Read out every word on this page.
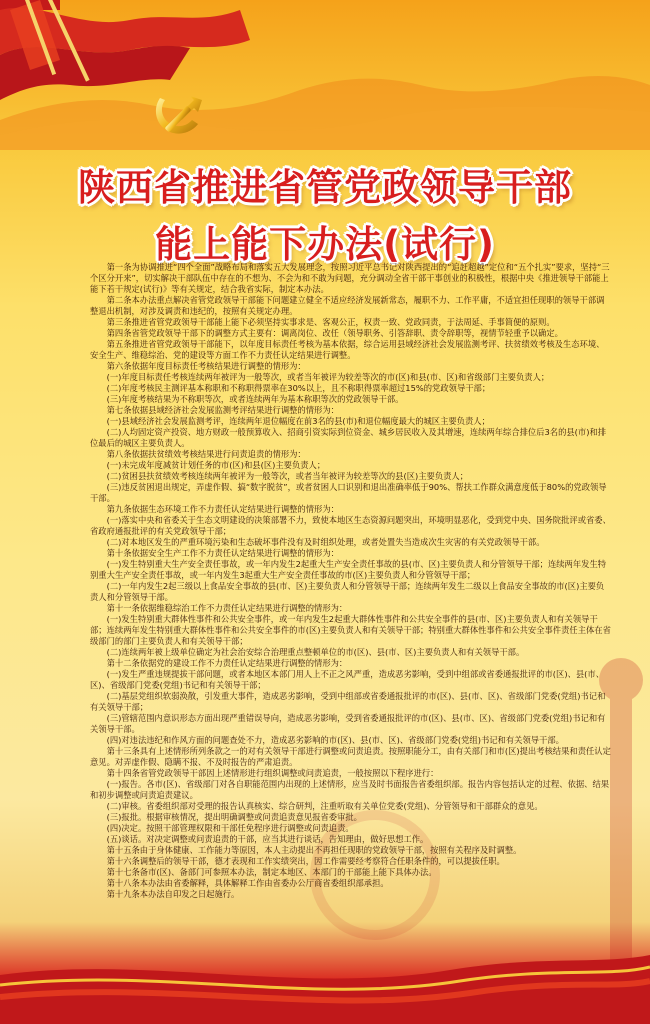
陕西省推进省管党政领导干部
能上能下办法(试行)

第一条为协调推进“四个全面”战略布局和落实五大发展理念，按照习近平总书记对陕西提出的“追赶超越”定位和“五个扎实”要求，坚持“三个区分开来”，切实解决干部队伍中存在的不想为、不会为和不敢为问题，充分调动全省干部干事创业的积极性，根据中央《推进领导干部能上能下若干规定(试行)》等有关规定，结合我省实际，制定本办法。

第二条本办法重点解决省管党政领导干部能下问题建立健全不适应经济发展新常态，履职不力、工作平庸，不适宜担任现职的领导干部调整退出机制，对涉及调责和违纪的，按照有关规定办理。

第三条推进省管党政领导干部能上能下必须坚持实事求是、客观公正，权责一致、党政同责，于法周延、手事简便的原则。

第四条省管党政领导干部下的调整方式主要有：调离岗位、改任（领导职务、引答辞职、责令辞职等，视情节轻重予以确定。

第五条推进省管党政领导干部能下，以年度目标责任考核为基本依据，综合运用县域经济社会发展监测考评、扶贫绩效考核及生态环境、安全生产、维稳综治、党的建设等方面工作不力责任认定结果进行调整。

第六条依据年度目标责任考核结果进行调整的情形为：

(一)年度目标责任考核连续两年被评为一般等次，或者当年被评为较差等次的市(区)和县(市、区)和省级部门主要负责人；

(二)年度考核民主测评基本称职和不称职得票率在30%以上，且不称职得票率超过15%的党政领导干部；

(三)年度考核结果为不称职等次，或者连续两年为基本称职等次的党政领导干部。

第七条依据县域经济社会发展监测考评结果进行调整的情形为：

(一)县域经济社会发展监测考评，连续两年退位幅度在前3名的县(市)和退位幅度最大的城区主要负责人；

(二)人均固定资产投资、地方财政一般预算收入、招商引资实际到位资金、城乡居民收入及其增速，连续两年综合排位后3名的县(市)和排位最后的城区主要负责人。

第八条依据扶贫绩效考核结果进行问责追责的情形为：

(一)未完成年度减贫计划任务的市(区)和县(区)主要负责人；

(二)贫困县扶贫绩效考核连续两年被评为一般等次，或者当年被评为较差等次的县(区)主要负责人；

(三)违反贫困退出规定，弄虚作假、搞“数字脱贫”，或者贫困人口识别和退出准确率低于90%、帮扶工作群众满意度低于80%的党政领导干部。

第九条依据生态环境工作不力责任认定结果进行调整的情形为：

(一)落实中央和省委关于生态文明建设的决策部署不力，致使本地区生态资源问题突出，环境明显恶化，受到党中央、国务院批评或省委、省政府通报批评的有关党政领导干部；

(二)对本地区发生的严重环境污染和生态破坏事件没有及时组织处理，或者处置失当造成次生灾害的有关党政领导干部。

第十条依据安全生产工作不力责任认定结果进行调整的情形为：

(一)发生特别重大生产安全责任事故，或一年内发生2起重大生产安全责任事故的县(市、区)主要负责人和分管领导干部；连续两年发生特别重大生产安全责任事故，或一年内发生3起重大生产安全责任事故的市(区)主要负责人和分管领导干部；

(二)一年内发生2起三级以上食品安全事故的县(市、区)主要负责人和分管领导干部；连续两年发生二级以上食品安全事故的市(区)主要负责人和分管领导干部。

第十一条依据维稳综治工作不力责任认定结果进行调整的情形为：

(一)发生特别重大群体性事件和公共安全事件，或一年内发生2起重大群体性事件和公共安全事件的县(市、区)主要负责人和有关领导干部；连续两年发生特别重大群体性事件和公共安全事件的市(区)主要负责人和有关领导干部；特别重大群体性事件和公共安全事件责任主体在省级部门的部门主要负责人和有关领导干部；

(二)连续两年被上级单位确定为社会治安综合治理重点整顿单位的市(区)、县(市、区)主要负责人和有关领导干部。

第十二条依据党的建设工作不力责任认定结果进行调整的情形为：

(一)发生严重违规提拔干部问题，或者本地区本部门用人上不正之风严重，造成恶劣影响，受到中组部或省委通报批评的市(区)、县(市、区)、省级部门党委(党组)书记和有关领导干部；

(二)基层党组织软弱涣散，引发重大事件，造成恶劣影响，受到中组部或省委通报批评的市(区)、县(市、区)、省级部门党委(党组)书记和有关领导干部；

(三)管辖范围内意识形态方面出现严重错误导向，造成恶劣影响，受到省委通报批评的市(区)、县(市、区)、省级部门党委(党组)书记和有关领导干部。

(四)对违法违纪和作风方面的问题查处不力，造成恶劣影响的市(区)、县(市、区)、省级部门党委(党组)书记和有关领导干部。

第十三条具有上述情形所列条款之一的对有关领导干部进行调整或问责追责。按照职能分工，由有关部门和市(区)提出考核结果和责任认定意见。对弄虚作假、隐瞒不报、不及时报告的严肃追责。

第十四条省管党政领导干部因上述情形进行组织调整或问责追责，一般按照以下程序进行：

(一)报告。各市(区)、省级部门对各自职能范围内出现的上述情形，应当及时书面报告省委组织部。报告内容包括认定的过程、依据、结果和初步调整或问责追责建议。

(二)审核。省委组织部对受理的报告认真核实、综合研判，注重听取有关单位党委(党组)、分管领导和干部群众的意见。

(三)报批。根据审核情况，提出明确调整或问责追责意见报省委审批。

(四)决定。按照干部管理权限和干部任免程序进行调整或问责追责。

(五)谈话。对决定调整或问责追责的干部，应当其进行谈话，告知理由，做好思想工作。

第十五条由于身体健康、工作能力等原因，本人主动提出不再担任现职的党政领导干部，按照有关程序及时调整。

第十六条调整后的领导干部，德才表现和工作实绩突出，因工作需要经考察符合任职条件的，可以提拔任职。

第十七条备市(区)、备部门可参照本办法，制定本地区、本部门的干部能上能下具体办法。

第十八条本办法由省委解释，具体解释工作由省委办公厅商省委组织部承担。

第十九条本办法自印发之日起施行。
